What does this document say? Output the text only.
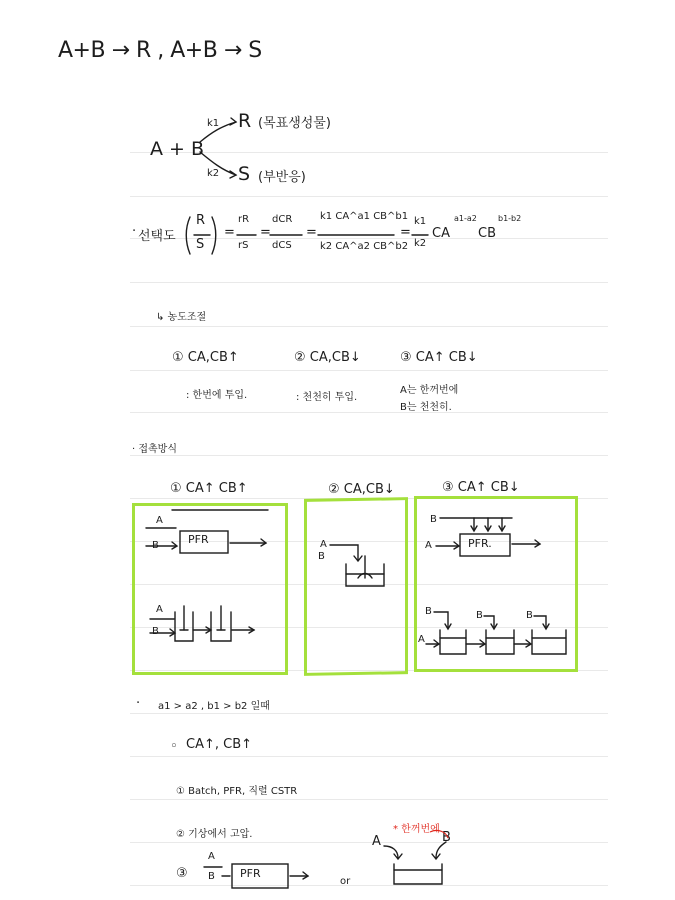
A+B → R , A+B → S
A + B
k1 R (목표생성물)
k2 S (부반응)
· 선택도
R
S
=
rR
rS
=
dCR
dCS
=
k1 CA^a1 CB^b1
k2 CA^a2 CB^b2
=
k1
k2
CA
a1-a2
CB
b1-b2
↳ 농도조절
① CA,CB↑	② CA,CB↓	③ CA↑ CB↓
: 한번에 투입.	: 천천히 투입.
A는 한꺼번에
B는 천천히.
· 접촉방식
① CA↑ CB↑	② CA,CB↓	③ CA↑ CB↓
A
B	PFR
A
B
A
B
B
A	PFR.
B	B	B
A
· a1 > a2 , b1 > b2 일때
◦ CA↑, CB↑
① Batch, PFR, 직렬 CSTR
② 기상에서 고압.
③
A
B PFR
or
A	B
* 한꺼번에
